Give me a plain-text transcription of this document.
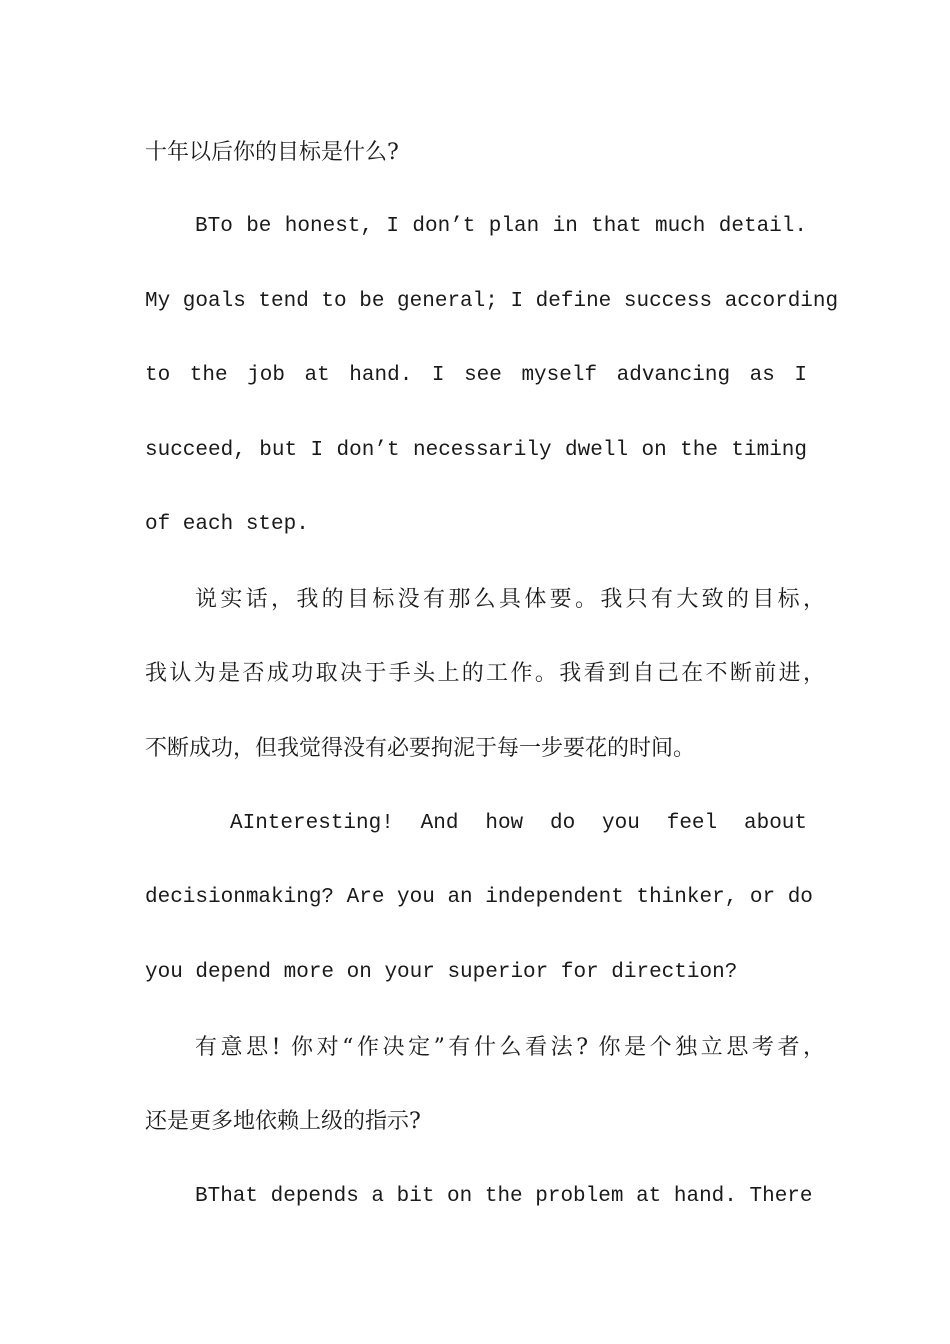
十年以后你的目标是什么?
BTo be honest, I don’t plan in that much detail.
My goals tend to be general; I define success according
to the job at hand. I see myself advancing as I
succeed, but I don’t necessarily dwell on the timing
of each step.
说实话，我的目标没有那么具体要。我只有大致的目标，
我认为是否成功取决于手头上的工作。我看到自己在不断前进，
不断成功，但我觉得没有必要拘泥于每一步要花的时间。
AInteresting! And how do you feel about
decisionmaking? Are you an independent thinker, or do
you depend more on your superior for direction?
有意思! 你对“作决定”有什么看法? 你是个独立思考者，
还是更多地依赖上级的指示?
BThat depends a bit on the problem at hand. There
